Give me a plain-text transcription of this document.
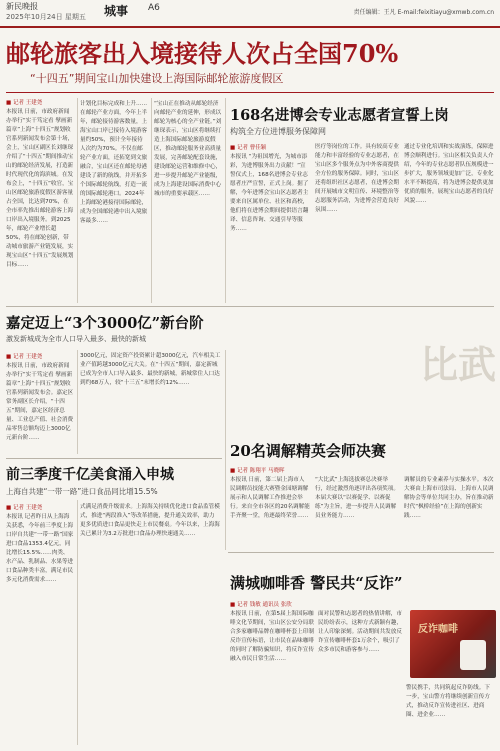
新民晚报
2025年10月24日 星期五 城事 A6	责任编辑：王凡 E-mail:feixitiayu@xmwb.com.cn
邮轮旅客出入境接待人次占全国70%
“十四五”期间宝山加快建设上海国际邮轮旅游度假区
■ 记者 王建尧
本报讯 日前，市政府新闻办举行“实干笃定看 擘画新篇章”上海“十四五”规划收官系列新闻发布会第十场，会上，宝山区副区长刘继琛介绍了“十四五”期间推动宝山的邮轮经济发展，打造新时代现代化的海滨城。在发布会上，“十四五”收官，宝山区邮轮旅游度假区游客量占全国，比达到70%，在全市率先推出邮轮游客上海口岸出入境服务。到2025年，邮轮产业增长超50%，将在邮轮创新，带动城市旅游产业链发展，实现宝山区“十四五”发展规划目标……
计划化目标完成和上升……在邮轮产业方面，今年上半年，邮轮接待游客数量，上海宝山口岸已接待入境游客量约50%，预计全年接待人次约为70%。不仅在邮轮产业方面，还拓宽到文旅融合，宝山区还在邮轮母港建设了新的航线，并开拓多个国际邮轮航线，打造一流的国际邮轮港口。2024年上海邮轮港接待国际邮轮，成为全国邮轮港中出入境旅客最多……
“宝山正在推动从邮轮经济向邮轮产业的延伸，形成以邮轮为核心的全产业链。”刘继琛表示，宝山区将继续打造上海国际邮轮旅游度假区，推动邮轮服务业高质量发展，完善邮轮配套设施，建设邮轮运营和维修中心，进一步提升邮轮产业能级，成为上海建设国际消费中心城市的重要承载区……
168名进博会专业志愿者宣誓上岗
构筑全方位进博服务保障网
■ 记者 曹佳颖
本报讯 “为祖国增光，为城市添彩，为进博服务出力贡献！”宣誓仪式上，168名进博会专业志愿者庄严宣誓，正式上岗。据了解，今年进博会宝山区志愿者主要来自区属单位、社区和高校，他们将在进博会期间提供语言翻译、信息咨询、交通引导等服务……
医疗等岗位的工作。具有较高专业能力和丰富经验的专业志愿者，在宝山区多个服务点为中外客商提供全方位的服务保障。同时，宝山区还将组织社区志愿者，在进博会期间开展城市文明宣传、环境整治等志愿服务活动，为进博会营造良好氛围……
通过专业化培训和实战演练，保障进博会顺利进行。宝山区相关负责人介绍，今年的专业志愿者队伍规模进一步扩大，服务领域更加广泛，专业化水平不断提高，将为进博会提供更加优质的服务，展现宝山志愿者的良好风貌……
嘉定迈上“3个3000亿”新台阶
激发新城成为全市人口导入最多、最快的新城
■ 记者 王建尧
本报讯 日前，市政府新闻办举行“实干笃定看 擘画新篇章”上海“十四五”规划收官系列新闻发布会。嘉定区常务副区长介绍，“十四五”期间，嘉定区经济总量、工业总产值、社会消费品零售总额均迈上3000亿元新台阶……
3000亿元，固定资产投资累计超3000亿元，汽车相关工业产值跨越3000亿元大关。在“十四五”期间，嘉定新城已成为全市人口导入最多、最快的新城，新城常住人口达到约68万人，较“十三五”末增长约12%……	比武
20名调解精英会师决赛
■ 记者 陈翔平 马晓晖
本报讯 日前，第二届上海市人民调解员技能大赛暨金园塘调解展示和人民调解工作推进会举行。来自全市各区的20名调解能手齐聚一堂，角逐最终荣誉……
“大比武”上海选拔赛总决赛举行，经过激烈角逐评出各项奖项。本届大赛以“以赛促学、以赛促练”为主旨，进一步提升人民调解员业务能力……
调解员的专业素养与实操水平。本次大赛由上海市司法局、上海市人民调解协会等单位共同主办，旨在推动新时代“枫桥经验”在上海的创新实践……
前三季度千亿美食涌入申城
上海自共建“一带一路”进口食品同比增15.5%
■ 记者 王建尧
本报讯 记者昨日从上海海关获悉，今年前三季度上海口岸自共建“一带一路”国家进口食品1353.4亿元，同比增长15.5%……肉类、水产品、乳制品、水果等进口食品种类丰富，满足市民多元化消费需求……
式满足消费升级需求。上海海关持续优化进口食品监管模式，推进“两段准入”等改革措施，提升通关效率，助力更多优质进口食品更快走上市民餐桌。今年以来，上海海关已累计为3.2万批进口食品办理快速通关……
满城咖啡香 警民共“反诈”
■ 记者 钱敏 通讯员 张欣
本报讯 日前，在第5届上海国际咖啡文化节期间，宝山区公安分局联合多家咖啡品牌在咖啡杯套上印制反诈宣传标语，让市民在品味咖啡的同时了解防骗知识，将反诈宣传融入市民日常生活……
面对民警和志愿者的热情讲解，市民纷纷表示，这种方式新颖有趣，让人印象深刻。活动期间共发放反诈宣传咖啡杯套1万余个，吸引了众多市民和游客参与……
反诈咖啡
警民携手，共同筑起反诈防线。下一步，宝山警方将继续创新宣传方式，推动反诈宣传进社区、进商圈、进企业……
